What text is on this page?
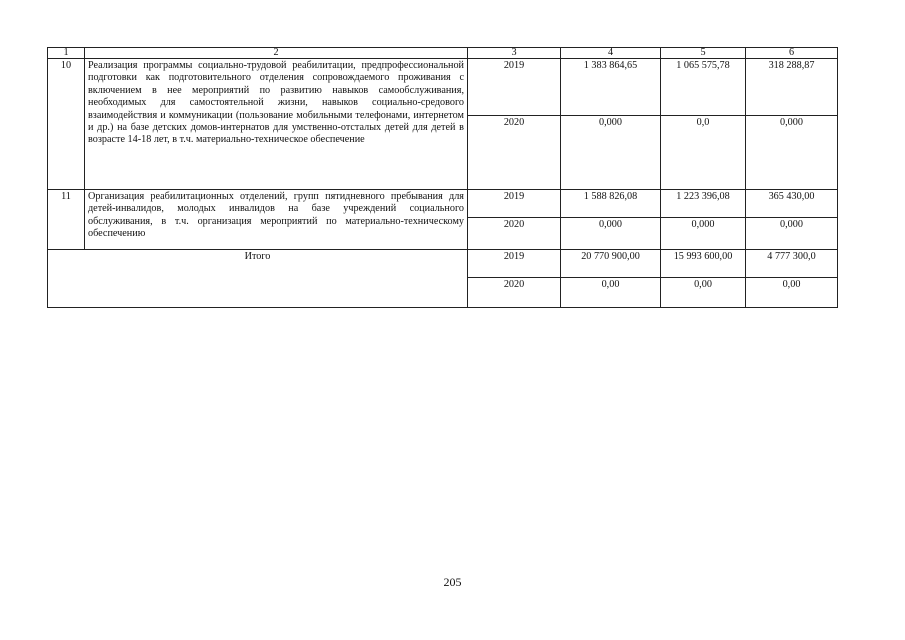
1	2	3	4	5	6
10	Реализация программы социально-трудовой реабилитации, предпрофессиональной подготовки как подготовительного отделения сопровождаемого проживания с включением в нее мероприятий по развитию навыков самообслуживания, необходимых для самостоятельной жизни, навыков социально-средового взаимодействия и коммуникации (пользование мобильными телефонами, интернетом и др.) на базе детских домов-интернатов для умственно-отсталых детей для детей в возрасте 14-18 лет, в т.ч. материально-техническое обеспечение	2019	1 383 864,65	1 065 575,78	318 288,87
		2020	0,000	0,0	0,000
11	Организация реабилитационных отделений, групп пятидневного пребывания для детей-инвалидов, молодых инвалидов на базе учреждений социального обслуживания, в т.ч. организация мероприятий по материально-техническому обеспечению	2019	1 588 826,08	1 223 396,08	365 430,00
		2020	0,000	0,000	0,000
Итого		2019	20 770 900,00	15 993 600,00	4 777 300,0
		2020	0,00	0,00	0,00
205
